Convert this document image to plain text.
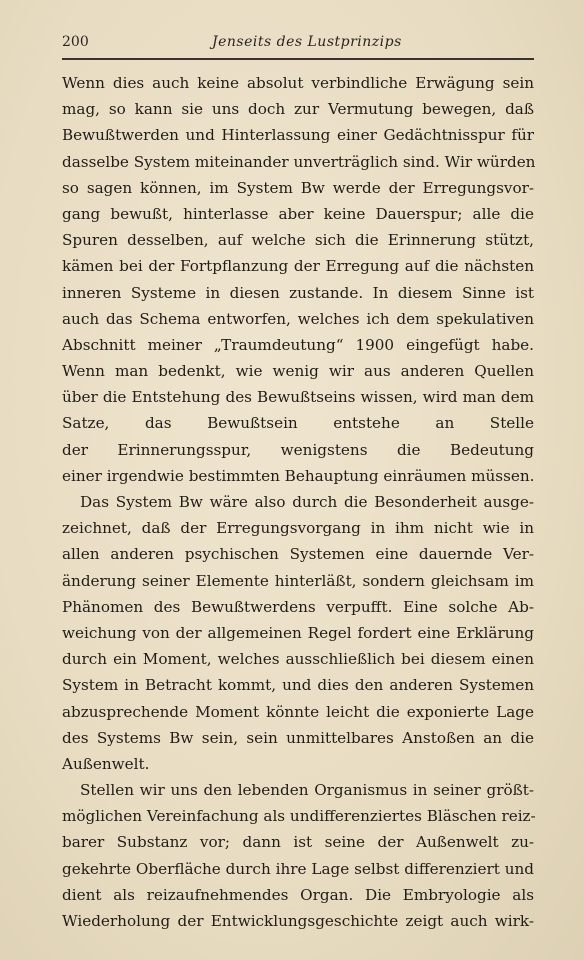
200	Jenseits des Lustprinzips
Wenn dies auch keine absolut verbindliche Erwägung sein
mag, so kann sie uns doch zur Vermutung bewegen, daß
Bewußtwerden und Hinterlassung einer Gedächtnisspur für
dasselbe System miteinander unverträglich sind. Wir würden
so sagen können, im System Bw werde der Erregungsvor-
gang bewußt, hinterlasse aber keine Dauerspur; alle die
Spuren desselben, auf welche sich die Erinnerung stützt,
kämen bei der Fortpflanzung der Erregung auf die nächsten
inneren Systeme in diesen zustande. In diesem Sinne ist
auch das Schema entworfen, welches ich dem spekulativen
Abschnitt meiner „Traumdeutung“ 1900 eingefügt habe.
Wenn man bedenkt, wie wenig wir aus anderen Quellen
über die Entstehung des Bewußtseins wissen, wird man dem
Satze, das Bewußtsein entstehe an Stelle
der Erinnerungsspur, wenigstens die Bedeutung
einer irgendwie bestimmten Behauptung einräumen müssen.
Das System Bw wäre also durch die Besonderheit ausge-
zeichnet, daß der Erregungsvorgang in ihm nicht wie in
allen anderen psychischen Systemen eine dauernde Ver-
änderung seiner Elemente hinterläßt, sondern gleichsam im
Phänomen des Bewußtwerdens verpufft. Eine solche Ab-
weichung von der allgemeinen Regel fordert eine Erklärung
durch ein Moment, welches ausschließlich bei diesem einen
System in Betracht kommt, und dies den anderen Systemen
abzusprechende Moment könnte leicht die exponierte Lage
des Systems Bw sein, sein unmittelbares Anstoßen an die
Außenwelt.
Stellen wir uns den lebenden Organismus in seiner größt-
möglichen Vereinfachung als undifferenziertes Bläschen reiz-
barer Substanz vor; dann ist seine der Außenwelt zu-
gekehrte Oberfläche durch ihre Lage selbst differenziert und
dient als reizaufnehmendes Organ. Die Embryologie als
Wiederholung der Entwicklungsgeschichte zeigt auch wirk-
